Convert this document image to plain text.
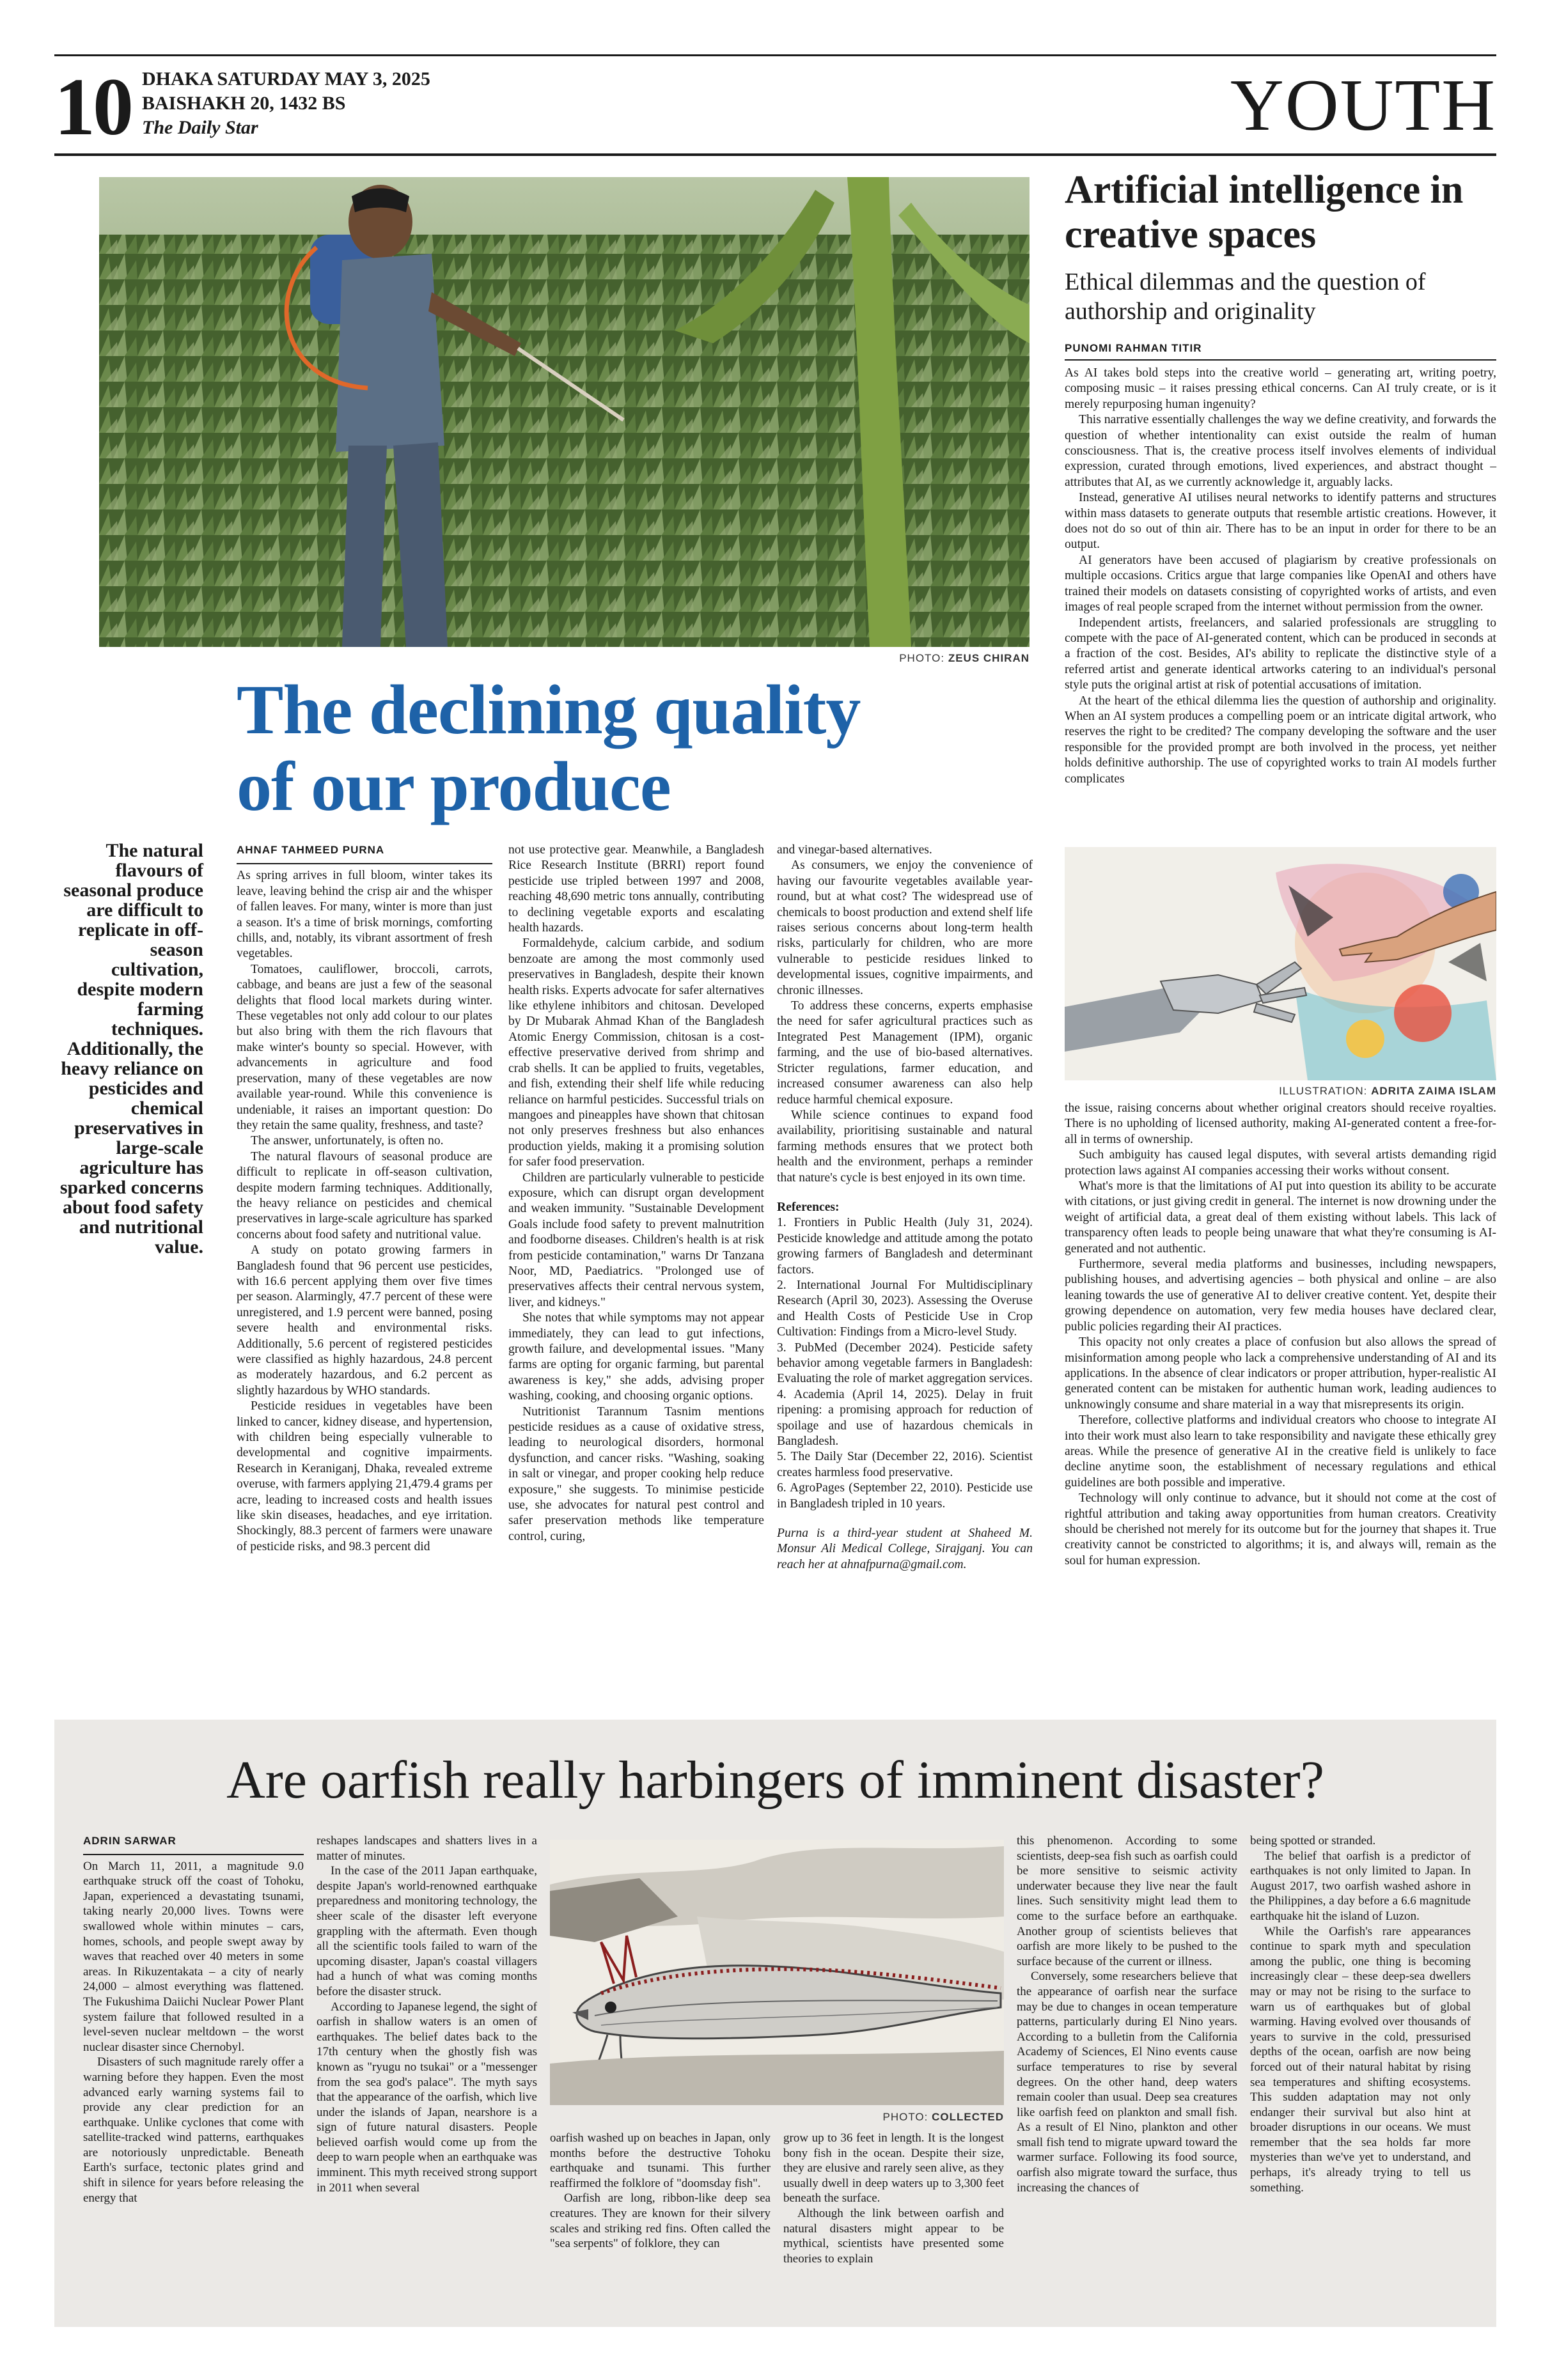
10 DHAKA SATURDAY MAY 3, 2025
BAISHAKH 20, 1432 BS
The Daily Star	YOUTH
PHOTO: ZEUS CHIRAN
The declining quality
of our produce
The natural flavours of seasonal produce are difficult to replicate in off-season cultivation, despite modern farming techniques. Additionally, the heavy reliance on pesticides and chemical preservatives in large-scale agriculture has sparked concerns about food safety and nutritional value.
AHNAF TAHMEED PURNA

As spring arrives in full bloom, winter takes its leave, leaving behind the crisp air and the whisper of fallen leaves. For many, winter is more than just a season. It's a time of brisk mornings, comforting chills, and, notably, its vibrant assortment of fresh vegetables.

Tomatoes, cauliflower, broccoli, carrots, cabbage, and beans are just a few of the seasonal delights that flood local markets during winter. These vegetables not only add colour to our plates but also bring with them the rich flavours that make winter's bounty so special. However, with advancements in agriculture and food preservation, many of these vegetables are now available year-round. While this convenience is undeniable, it raises an important question: Do they retain the same quality, freshness, and taste?

The answer, unfortunately, is often no.

The natural flavours of seasonal produce are difficult to replicate in off-season cultivation, despite modern farming techniques. Additionally, the heavy reliance on pesticides and chemical preservatives in large-scale agriculture has sparked concerns about food safety and nutritional value.

A study on potato growing farmers in Bangladesh found that 96 percent use pesticides, with 16.6 percent applying them over five times per season. Alarmingly, 47.7 percent of these were unregistered, and 1.9 percent were banned, posing severe health and environmental risks. Additionally, 5.6 percent of registered pesticides were classified as highly hazardous, 24.8 percent as moderately hazardous, and 6.2 percent as slightly hazardous by WHO standards.

Pesticide residues in vegetables have been linked to cancer, kidney disease, and hypertension, with children being especially vulnerable to developmental and cognitive impairments. Research in Keraniganj, Dhaka, revealed extreme overuse, with farmers applying 21,479.4 grams per acre, leading to increased costs and health issues like skin diseases, headaches, and eye irritation. Shockingly, 88.3 percent of farmers were unaware of pesticide risks, and 98.3 percent did

not use protective gear. Meanwhile, a Bangladesh Rice Research Institute (BRRI) report found pesticide use tripled between 1997 and 2008, reaching 48,690 metric tons annually, contributing to declining vegetable exports and escalating health hazards.

Formaldehyde, calcium carbide, and sodium benzoate are among the most commonly used preservatives in Bangladesh, despite their known health risks. Experts advocate for safer alternatives like ethylene inhibitors and chitosan. Developed by Dr Mubarak Ahmad Khan of the Bangladesh Atomic Energy Commission, chitosan is a cost-effective preservative derived from shrimp and crab shells. It can be applied to fruits, vegetables, and fish, extending their shelf life while reducing reliance on harmful pesticides. Successful trials on mangoes and pineapples have shown that chitosan not only preserves freshness but also enhances production yields, making it a promising solution for safer food preservation.

Children are particularly vulnerable to pesticide exposure, which can disrupt organ development and weaken immunity. "Sustainable Development Goals include food safety to prevent malnutrition and foodborne diseases. Children's health is at risk from pesticide contamination," warns Dr Tanzana Noor, MD, Paediatrics. "Prolonged use of preservatives affects their central nervous system, liver, and kidneys."

She notes that while symptoms may not appear immediately, they can lead to gut infections, growth failure, and developmental issues. "Many farms are opting for organic farming, but parental awareness is key," she adds, advising proper washing, cooking, and choosing organic options.

Nutritionist Tarannum Tasnim mentions pesticide residues as a cause of oxidative stress, leading to neurological disorders, hormonal dysfunction, and cancer risks. "Washing, soaking in salt or vinegar, and proper cooking help reduce exposure," she suggests. To minimise pesticide use, she advocates for natural pest control and safer preservation methods like temperature control, curing,

and vinegar-based alternatives.

As consumers, we enjoy the convenience of having our favourite vegetables available year-round, but at what cost? The widespread use of chemicals to boost production and extend shelf life raises serious concerns about long-term health risks, particularly for children, who are more vulnerable to pesticide residues linked to developmental issues, cognitive impairments, and chronic illnesses.

To address these concerns, experts emphasise the need for safer agricultural practices such as Integrated Pest Management (IPM), organic farming, and the use of bio-based alternatives. Stricter regulations, farmer education, and increased consumer awareness can also help reduce harmful chemical exposure.

While science continues to expand food availability, prioritising sustainable and natural farming methods ensures that we protect both health and the environment, perhaps a reminder that nature's cycle is best enjoyed in its own time.

References:

1. Frontiers in Public Health (July 31, 2024). Pesticide knowledge and attitude among the potato growing farmers of Bangladesh and determinant factors.

2. International Journal For Multidisciplinary Research (April 30, 2023). Assessing the Overuse and Health Costs of Pesticide Use in Crop Cultivation: Findings from a Micro-level Study.

3. PubMed (December 2024). Pesticide safety behavior among vegetable farmers in Bangladesh: Evaluating the role of market aggregation services.

4. Academia (April 14, 2025). Delay in fruit ripening: a promising approach for reduction of spoilage and use of hazardous chemicals in Bangladesh.

5. The Daily Star (December 22, 2016). Scientist creates harmless food preservative.

6. AgroPages (September 22, 2010). Pesticide use in Bangladesh tripled in 10 years.

Purna is a third-year student at Shaheed M. Monsur Ali Medical College, Sirajganj. You can reach her at ahnafpurna@gmail.com.

Artificial intelligence in creative spaces
Ethical dilemmas and the question of authorship and originality
PUNOMI RAHMAN TITIR

As AI takes bold steps into the creative world – generating art, writing poetry, composing music – it raises pressing ethical concerns. Can AI truly create, or is it merely repurposing human ingenuity?

This narrative essentially challenges the way we define creativity, and forwards the question of whether intentionality can exist outside the realm of human consciousness. That is, the creative process itself involves elements of individual expression, curated through emotions, lived experiences, and abstract thought – attributes that AI, as we currently acknowledge it, arguably lacks.

Instead, generative AI utilises neural networks to identify patterns and structures within mass datasets to generate outputs that resemble artistic creations. However, it does not do so out of thin air. There has to be an input in order for there to be an output.

AI generators have been accused of plagiarism by creative professionals on multiple occasions. Critics argue that large companies like OpenAI and others have trained their models on datasets consisting of copyrighted works of artists, and even images of real people scraped from the internet without permission from the owner.

Independent artists, freelancers, and salaried professionals are struggling to compete with the pace of AI-generated content, which can be produced in seconds at a fraction of the cost. Besides, AI's ability to replicate the distinctive style of a referred artist and generate identical artworks catering to an individual's personal style puts the original artist at risk of potential accusations of imitation.

At the heart of the ethical dilemma lies the question of authorship and originality. When an AI system produces a compelling poem or an intricate digital artwork, who reserves the right to be credited? The company developing the software and the user responsible for the provided prompt are both involved in the process, yet neither holds definitive authorship. The use of copyrighted works to train AI models further complicates

ILLUSTRATION: ADRITA ZAIMA ISLAM

the issue, raising concerns about whether original creators should receive royalties. There is no upholding of licensed authority, making AI-generated content a free-for-all in terms of ownership.

Such ambiguity has caused legal disputes, with several artists demanding rigid protection laws against AI companies accessing their works without consent.

What's more is that the limitations of AI put into question its ability to be accurate with citations, or just giving credit in general. The internet is now drowning under the weight of artificial data, a great deal of them existing without labels. This lack of transparency often leads to people being unaware that what they're consuming is AI-generated and not authentic.

Furthermore, several media platforms and businesses, including newspapers, publishing houses, and advertising agencies – both physical and online – are also leaning towards the use of generative AI to deliver creative content. Yet, despite their growing dependence on automation, very few media houses have declared clear, public policies regarding their AI practices.

This opacity not only creates a place of confusion but also allows the spread of misinformation among people who lack a comprehensive understanding of AI and its applications. In the absence of clear indicators or proper attribution, hyper-realistic AI generated content can be mistaken for authentic human work, leading audiences to unknowingly consume and share material in a way that misrepresents its origin.

Therefore, collective platforms and individual creators who choose to integrate AI into their work must also learn to take responsibility and navigate these ethically grey areas. While the presence of generative AI in the creative field is unlikely to face decline anytime soon, the establishment of necessary regulations and ethical guidelines are both possible and imperative.

Technology will only continue to advance, but it should not come at the cost of rightful attribution and taking away opportunities from human creators. Creativity should be cherished not merely for its outcome but for the journey that shapes it. True creativity cannot be constricted to algorithms; it is, and always will, remain as the soul for human expression.

Are oarfish really harbingers of imminent disaster?
ADRIN SARWAR

On March 11, 2011, a magnitude 9.0 earthquake struck off the coast of Tohoku, Japan, experienced a devastating tsunami, taking nearly 20,000 lives. Towns were swallowed whole within minutes – cars, homes, schools, and people swept away by waves that reached over 40 meters in some areas. In Rikuzentakata – a city of nearly 24,000 – almost everything was flattened. The Fukushima Daiichi Nuclear Power Plant system failure that followed resulted in a level-seven nuclear meltdown – the worst nuclear disaster since Chernobyl.

Disasters of such magnitude rarely offer a warning before they happen. Even the most advanced early warning systems fail to provide any clear prediction for an earthquake. Unlike cyclones that come with satellite-tracked wind patterns, earthquakes are notoriously unpredictable. Beneath Earth's surface, tectonic plates grind and shift in silence for years before releasing the energy that

reshapes landscapes and shatters lives in a matter of minutes.

In the case of the 2011 Japan earthquake, despite Japan's world-renowned earthquake preparedness and monitoring technology, the sheer scale of the disaster left everyone grappling with the aftermath. Even though all the scientific tools failed to warn of the upcoming disaster, Japan's coastal villagers had a hunch of what was coming months before the disaster struck.

According to Japanese legend, the sight of oarfish in shallow waters is an omen of earthquakes. The belief dates back to the 17th century when the ghostly fish was known as "ryugu no tsukai" or a "messenger from the sea god's palace". The myth says that the appearance of the oarfish, which live under the islands of Japan, nearshore is a sign of future natural disasters. People believed oarfish would come up from the deep to warn people when an earthquake was imminent. This myth received strong support in 2011 when several

PHOTO: COLLECTED

oarfish washed up on beaches in Japan, only months before the destructive Tohoku earthquake and tsunami. This further reaffirmed the folklore of "doomsday fish".

Oarfish are long, ribbon-like deep sea creatures. They are known for their silvery scales and striking red fins. Often called the "sea serpents" of folklore, they can

grow up to 36 feet in length. It is the longest bony fish in the ocean. Despite their size, they are elusive and rarely seen alive, as they usually dwell in deep waters up to 3,300 feet beneath the surface.

Although the link between oarfish and natural disasters might appear to be mythical, scientists have presented some theories to explain

this phenomenon. According to some scientists, deep-sea fish such as oarfish could be more sensitive to seismic activity underwater because they live near the fault lines. Such sensitivity might lead them to come to the surface before an earthquake. Another group of scientists believes that oarfish are more likely to be pushed to the surface because of the current or illness.

Conversely, some researchers believe that the appearance of oarfish near the surface may be due to changes in ocean temperature patterns, particularly during El Nino years. According to a bulletin from the California Academy of Sciences, El Nino events cause surface temperatures to rise by several degrees. On the other hand, deep waters remain cooler than usual. Deep sea creatures like oarfish feed on plankton and small fish. As a result of El Nino, plankton and other small fish tend to migrate upward toward the warmer surface. Following its food source, oarfish also migrate toward the surface, thus increasing the chances of

being spotted or stranded.

The belief that oarfish is a predictor of earthquakes is not only limited to Japan. In August 2017, two oarfish washed ashore in the Philippines, a day before a 6.6 magnitude earthquake hit the island of Luzon.

While the Oarfish's rare appearances continue to spark myth and speculation among the public, one thing is becoming increasingly clear – these deep-sea dwellers may or may not be rising to the surface to warn us of earthquakes but of global warming. Having evolved over thousands of years to survive in the cold, pressurised depths of the ocean, oarfish are now being forced out of their natural habitat by rising sea temperatures and shifting ecosystems. This sudden adaptation may not only endanger their survival but also hint at broader disruptions in our oceans. We must remember that the sea holds far more mysteries than we've yet to understand, and perhaps, it's already trying to tell us something.
